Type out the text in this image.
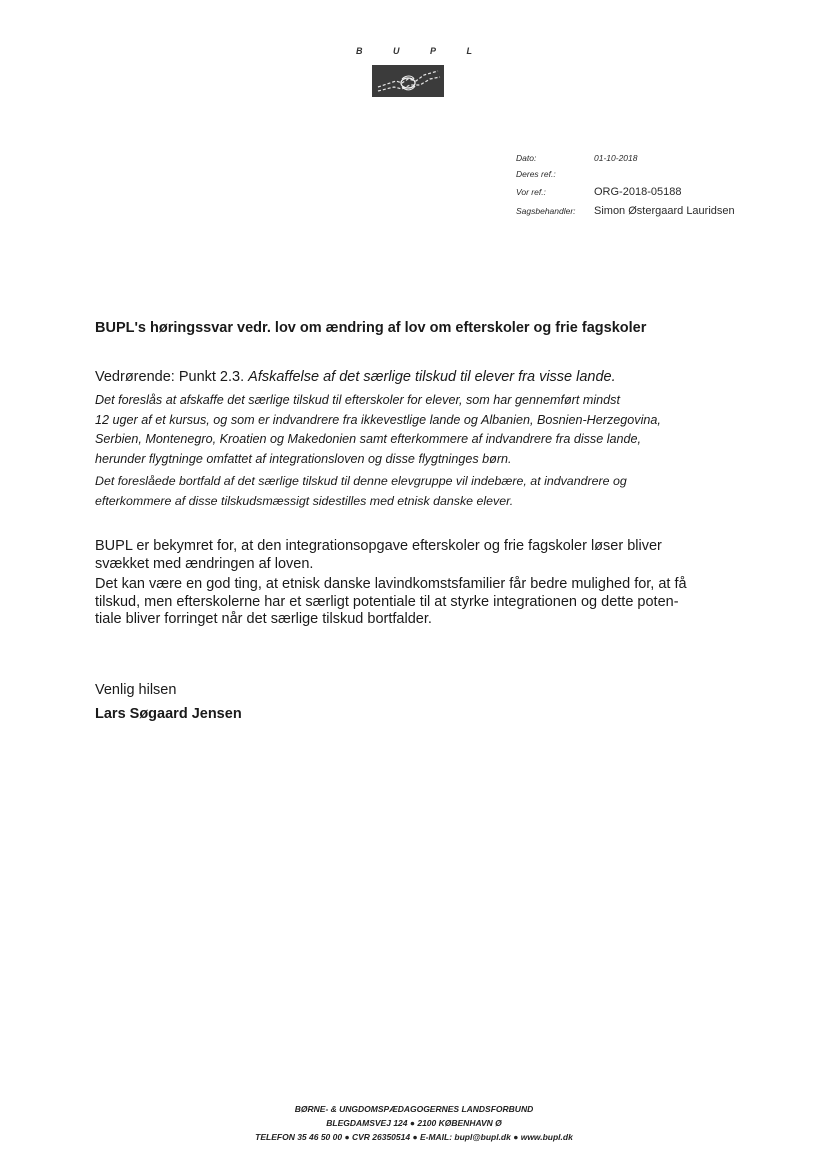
B	U	P	L
Dato:	01-10-2018
Deres ref.:
Vor ref.:	ORG-2018-05188
Sagsbehandler:	Simon Østergaard Lauridsen
BUPL's høringssvar vedr. lov om ændring af lov om efterskoler og frie fagskoler
Vedrørende: Punkt 2.3. Afskaffelse af det særlige tilskud til elever fra visse lande.
Det foreslås at afskaffe det særlige tilskud til efterskoler for elever, som har gennemført mindst
12 uger af et kursus, og som er indvandrere fra ikkevestlige lande og Albanien, Bosnien-Herzegovina,
Serbien, Montenegro, Kroatien og Makedonien samt efterkommere af indvandrere fra disse lande,
herunder flygtninge omfattet af integrationsloven og disse flygtninges børn.
Det foreslåede bortfald af det særlige tilskud til denne elevgruppe vil indebære, at indvandrere og
efterkommere af disse tilskudsmæssigt sidestilles med etnisk danske elever.
BUPL er bekymret for, at den integrationsopgave efterskoler og frie fagskoler løser bliver
svækket med ændringen af loven.
Det kan være en god ting, at etnisk danske lavindkomstsfamilier får bedre mulighed for, at få
tilskud, men efterskolerne har et særligt potentiale til at styrke integrationen og dette poten-
tiale bliver forringet når det særlige tilskud bortfalder.
Venlig hilsen
Lars Søgaard Jensen
BØRNE- & UNGDOMSPÆDAGOGERNES LANDSFORBUND
BLEGDAMSVEJ 124 ● 2100 KØBENHAVN Ø
TELEFON 35 46 50 00 ● CVR 26350514 ● E-MAIL: bupl@bupl.dk ● www.bupl.dk
